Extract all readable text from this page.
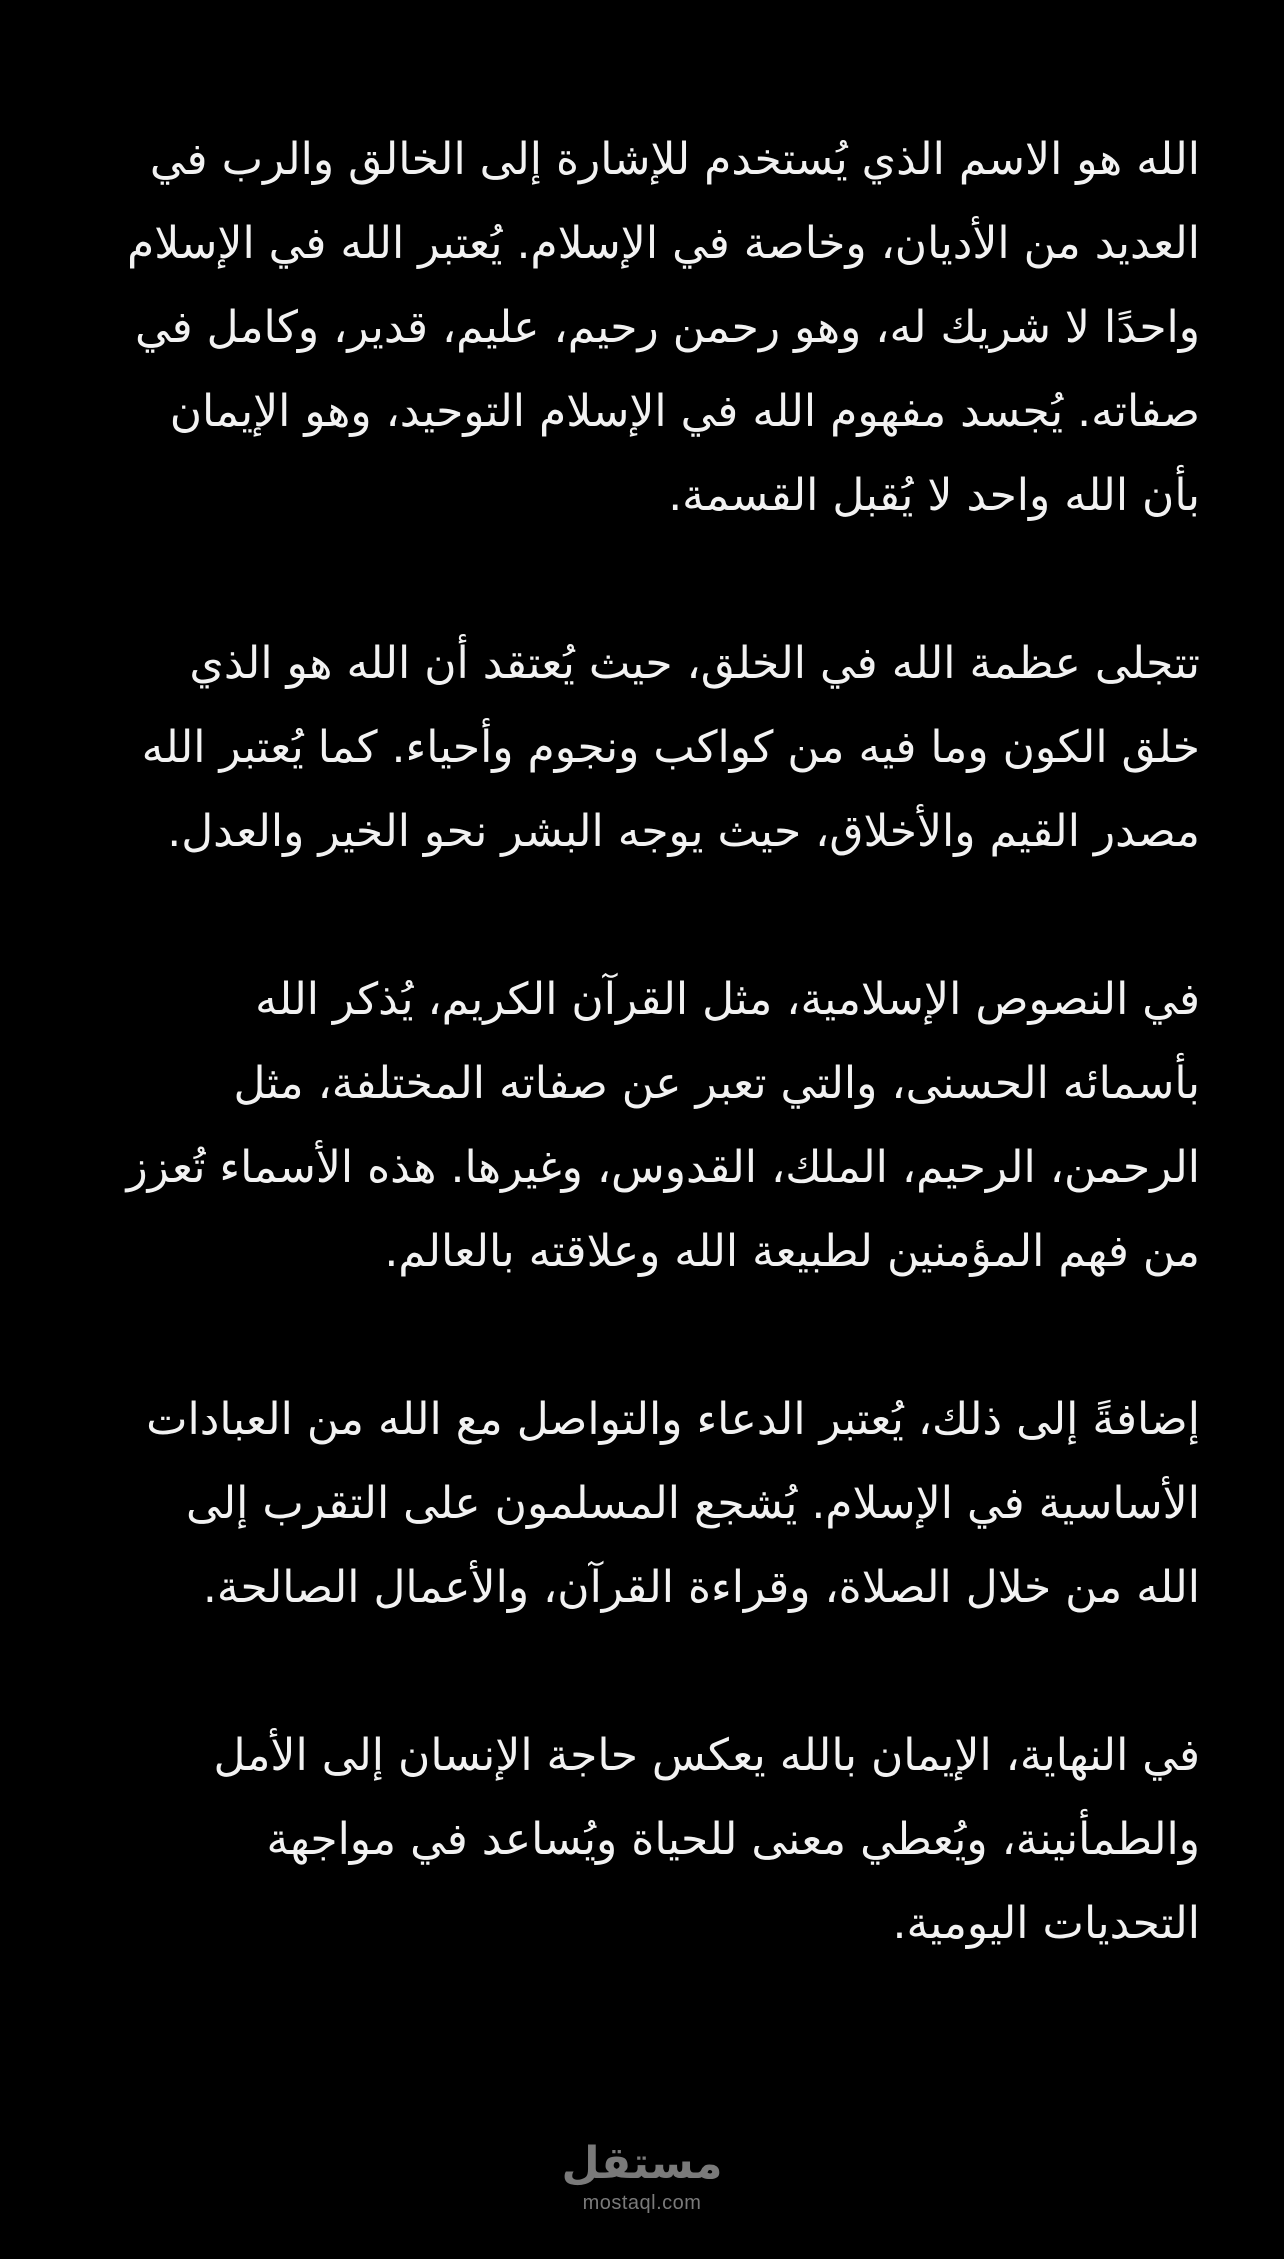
الله هو الاسم الذي يُستخدم للإشارة إلى الخالق والرب في العديد من الأديان، وخاصة في الإسلام. يُعتبر الله في الإسلام واحدًا لا شريك له، وهو رحمن رحيم، عليم، قدير، وكامل في صفاته. يُجسد مفهوم الله في الإسلام التوحيد، وهو الإيمان بأن الله واحد لا يُقبل القسمة.

تتجلى عظمة الله في الخلق، حيث يُعتقد أن الله هو الذي خلق الكون وما فيه من كواكب ونجوم وأحياء. كما يُعتبر الله مصدر القيم والأخلاق، حيث يوجه البشر نحو الخير والعدل.

في النصوص الإسلامية، مثل القرآن الكريم، يُذكر الله بأسمائه الحسنى، والتي تعبر عن صفاته المختلفة، مثل الرحمن، الرحيم، الملك، القدوس، وغيرها. هذه الأسماء تُعزز من فهم المؤمنين لطبيعة الله وعلاقته بالعالم.

إضافةً إلى ذلك، يُعتبر الدعاء والتواصل مع الله من العبادات الأساسية في الإسلام. يُشجع المسلمون على التقرب إلى الله من خلال الصلاة، وقراءة القرآن، والأعمال الصالحة.

في النهاية، الإيمان بالله يعكس حاجة الإنسان إلى الأمل والطمأنينة، ويُعطي معنى للحياة ويُساعد في مواجهة التحديات اليومية.

مستقل
mostaql.com
